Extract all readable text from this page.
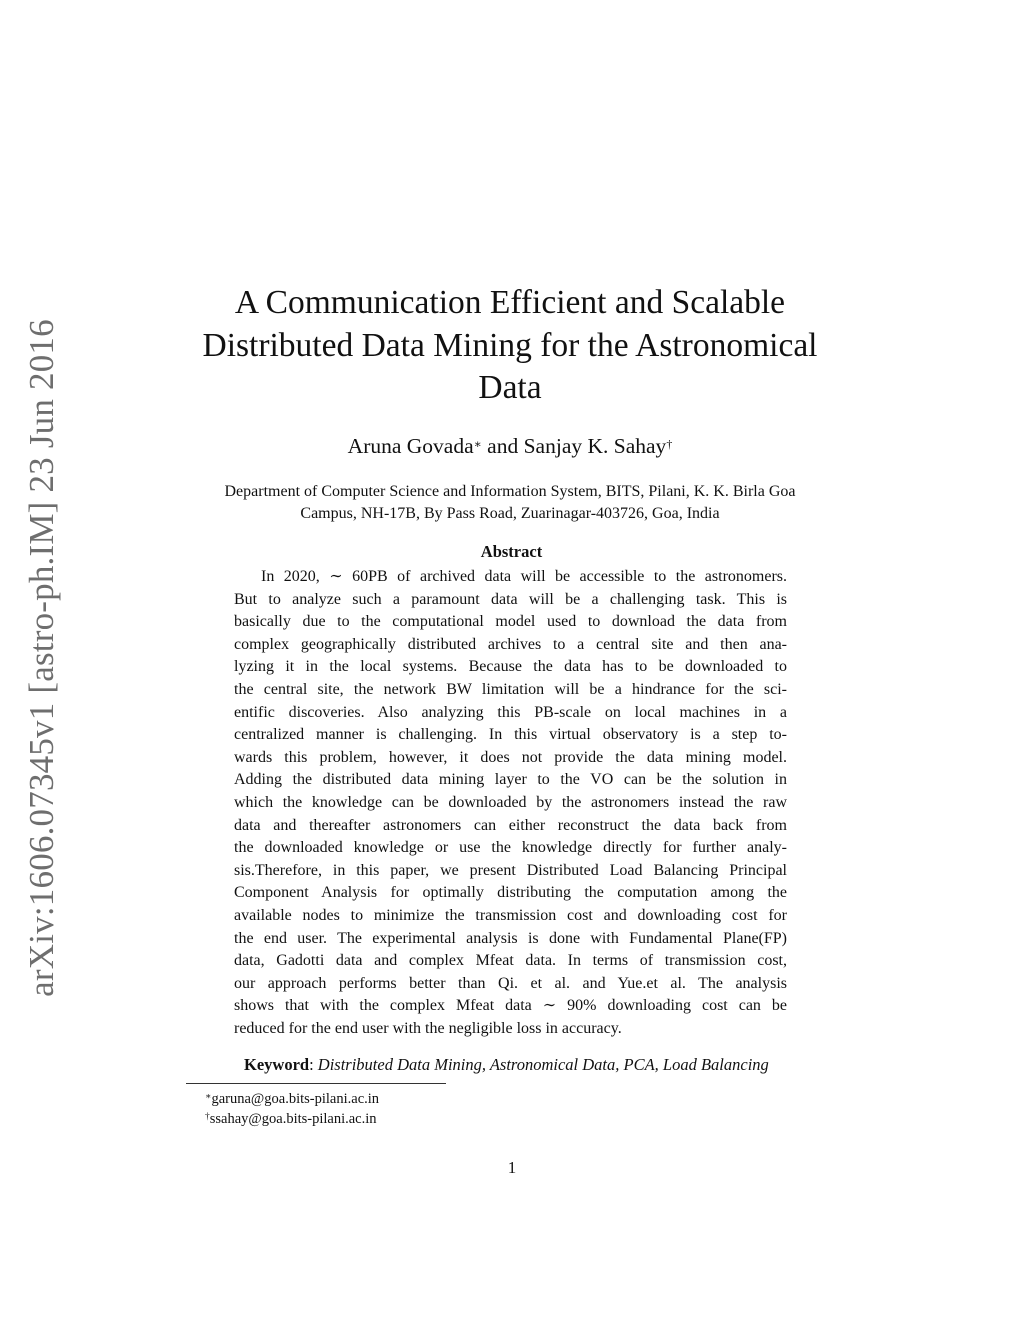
arXiv:1606.07345v1 [astro-ph.IM] 23 Jun 2016
A Communication Efficient and Scalable
Distributed Data Mining for the Astronomical
Data
Aruna Govada∗ and Sanjay K. Sahay†
Department of Computer Science and Information System, BITS, Pilani, K. K. Birla Goa
Campus, NH-17B, By Pass Road, Zuarinagar-403726, Goa, India
Abstract
In 2020, ∼ 60PB of archived data will be accessible to the astronomers.
But to analyze such a paramount data will be a challenging task. This is
basically due to the computational model used to download the data from
complex geographically distributed archives to a central site and then ana-
lyzing it in the local systems. Because the data has to be downloaded to
the central site, the network BW limitation will be a hindrance for the sci-
entific discoveries. Also analyzing this PB-scale on local machines in a
centralized manner is challenging. In this virtual observatory is a step to-
wards this problem, however, it does not provide the data mining model.
Adding the distributed data mining layer to the VO can be the solution in
which the knowledge can be downloaded by the astronomers instead the raw
data and thereafter astronomers can either reconstruct the data back from
the downloaded knowledge or use the knowledge directly for further analy-
sis.Therefore, in this paper, we present Distributed Load Balancing Principal
Component Analysis for optimally distributing the computation among the
available nodes to minimize the transmission cost and downloading cost for
the end user. The experimental analysis is done with Fundamental Plane(FP)
data, Gadotti data and complex Mfeat data. In terms of transmission cost,
our approach performs better than Qi. et al. and Yue.et al. The analysis
shows that with the complex Mfeat data ∼ 90% downloading cost can be
reduced for the end user with the negligible loss in accuracy.
Keyword: Distributed Data Mining, Astronomical Data, PCA, Load Balancing
∗garuna@goa.bits-pilani.ac.in
†ssahay@goa.bits-pilani.ac.in
1
